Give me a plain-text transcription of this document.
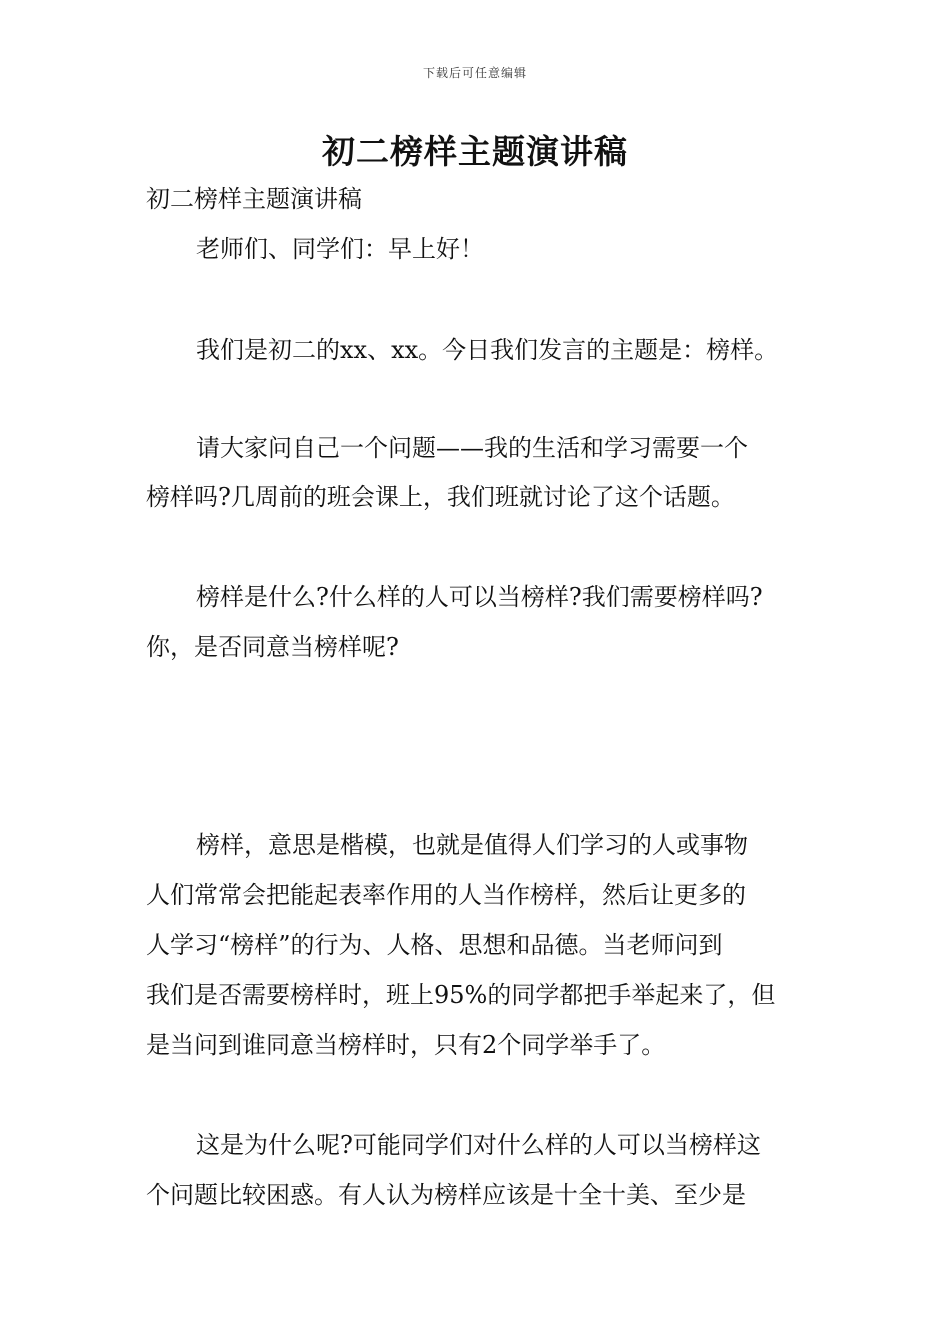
下载后可任意编辑
初二榜样主题演讲稿
初二榜样主题演讲稿
老师们、同学们：早上好！
我们是初二的xx、xx。今日我们发言的主题是：榜样。
请大家问自己一个问题——我的生活和学习需要一个
榜样吗?几周前的班会课上，我们班就讨论了这个话题。
榜样是什么?什么样的人可以当榜样?我们需要榜样吗?
你，是否同意当榜样呢?
榜样，意思是楷模，也就是值得人们学习的人或事物
人们常常会把能起表率作用的人当作榜样，然后让更多的
人学习“榜样”的行为、人格、思想和品德。当老师问到
我们是否需要榜样时，班上95%的同学都把手举起来了，但
是当问到谁同意当榜样时，只有2个同学举手了。
这是为什么呢?可能同学们对什么样的人可以当榜样这
个问题比较困惑。有人认为榜样应该是十全十美、至少是
